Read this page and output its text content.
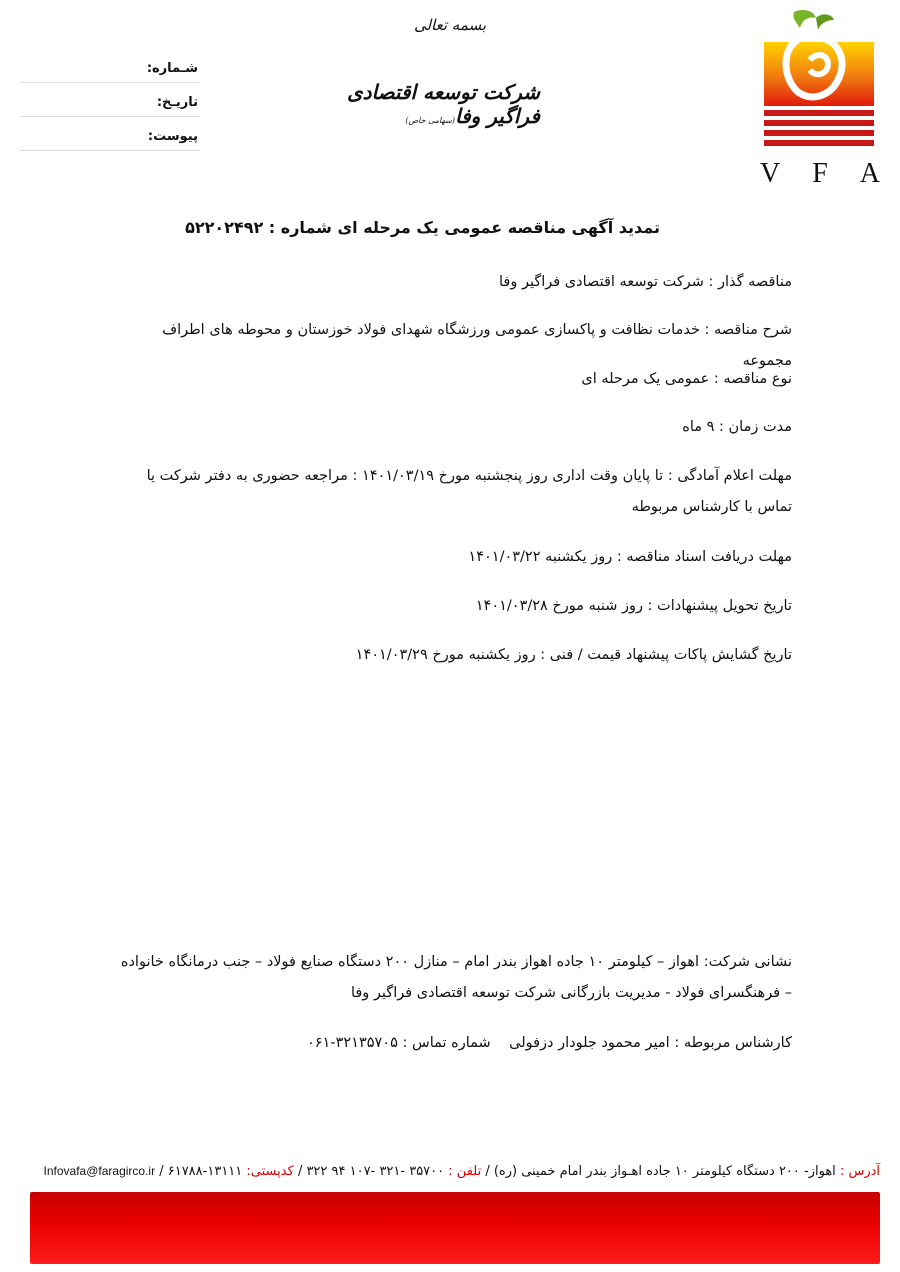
بسمه تعالی
شـماره:
تاریـخ:
پیوست:
شرکت توسعه اقتصادی فراگیر وفا(سهامی خاص)
V F A
تمدید آگهی مناقصه عمومی یک مرحله ای شماره : ۵۲۲۰۲۴۹۲
مناقصه گذار : شرکت توسعه اقتصادی فراگیر وفا
شرح مناقصه : خدمات نظافت و پاکسازی عمومی ورزشگاه شهدای فولاد خوزستان و محوطه های اطراف مجموعه
نوع مناقصه : عمومی یک مرحله ای
مدت زمان : ۹ ماه
مهلت اعلام آمادگی : تا پایان وقت اداری روز پنجشنبه مورخ ۱۴۰۱/۰۳/۱۹ : مراجعه حضوری به دفتر شرکت یا تماس با کارشناس مربوطه
مهلت دریافت اسناد مناقصه : روز یکشنبه ۱۴۰۱/۰۳/۲۲
تاریخ تحویل پیشنهادات : روز شنبه مورخ ۱۴۰۱/۰۳/۲۸
تاریخ گشایش پاکات پیشنهاد قیمت / فنی : روز یکشنبه مورخ ۱۴۰۱/۰۳/۲۹
نشانی شرکت: اهواز – کیلومتر ۱۰ جاده اهواز بندر امام – منازل ۲۰۰ دستگاه صنایع فولاد – جنب درمانگاه خانواده – فرهنگسرای فولاد - مدیریت بازرگانی شرکت توسعه اقتصادی فراگیر وفا
کارشناس مربوطه : امیر محمود جلودار دزفولی    شماره تماس : ۳۲۱۳۵۷۰۵-۰۶۱
آدرس : اهواز- ۲۰۰ دستگاه کیلومتر ۱۰ جاده اهـواز بندر امام خمینی (ره) / تلفن : ۳۵۷۰۰ -۳۲۱ -۱۰۷ ۹۴ ۳۲۲ / کدپستی: ۱۳۱۱۱-۶۱۷۸۸ / Infovafa@faragirco.ir
